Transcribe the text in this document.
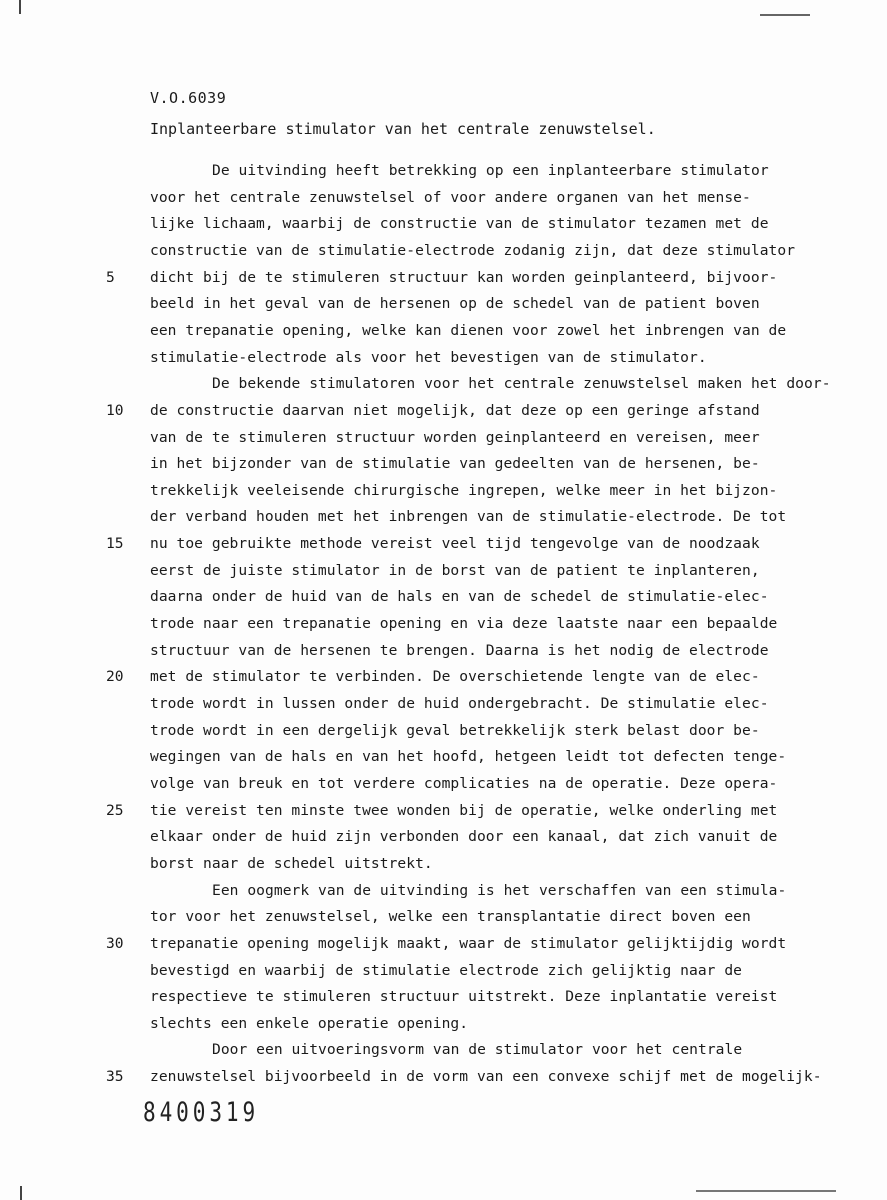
V.O.6039
Inplanteerbare stimulator van het centrale zenuwstelsel.
De uitvinding heeft betrekking op een inplanteerbare stimulator
voor het centrale zenuwstelsel of voor andere organen van het mense-
lijke lichaam, waarbij de constructie van de stimulator tezamen met de
constructie van de stimulatie-electrode zodanig zijn, dat deze stimulator
dicht bij de te stimuleren structuur kan worden geinplanteerd, bijvoor-
5
beeld in het geval van de hersenen op de schedel van de patient boven
een trepanatie opening, welke kan dienen voor zowel het inbrengen van de
stimulatie-electrode als voor het bevestigen van de stimulator.
De bekende stimulatoren voor het centrale zenuwstelsel maken het door-
de constructie daarvan niet mogelijk, dat deze op een geringe afstand
10
van de te stimuleren structuur worden geinplanteerd en vereisen, meer
in het bijzonder van de stimulatie van gedeelten van de hersenen, be-
trekkelijk veeleisende chirurgische ingrepen, welke meer in het bijzon-
der verband houden met het inbrengen van de stimulatie-electrode. De tot
nu toe gebruikte methode vereist veel tijd tengevolge van de noodzaak
15
eerst de juiste stimulator in de borst van de patient te inplanteren,
daarna onder de huid van de hals en van de schedel de stimulatie-elec-
trode naar een trepanatie opening en via deze laatste naar een bepaalde
structuur van de hersenen te brengen. Daarna is het nodig de electrode
met de stimulator te verbinden. De overschietende lengte van de elec-
20
trode wordt in lussen onder de huid ondergebracht. De stimulatie elec-
trode wordt in een dergelijk geval betrekkelijk sterk belast door be-
wegingen van de hals en van het hoofd, hetgeen leidt tot defecten tenge-
volge van breuk en tot verdere complicaties na de operatie. Deze opera-
tie vereist ten minste twee wonden bij de operatie, welke onderling met
25
elkaar onder de huid zijn verbonden door een kanaal, dat zich vanuit de
borst naar de schedel uitstrekt.
Een oogmerk van de uitvinding is het verschaffen van een stimula-
tor voor het zenuwstelsel, welke een transplantatie direct boven een
trepanatie opening mogelijk maakt, waar de stimulator gelijktijdig wordt
30
bevestigd en waarbij de stimulatie electrode zich gelijktig naar de
respectieve te stimuleren structuur uitstrekt. Deze inplantatie vereist
slechts een enkele operatie opening.
Door een uitvoeringsvorm van de stimulator voor het centrale
zenuwstelsel bijvoorbeeld in de vorm van een convexe schijf met de mogelijk-
35
8400319
